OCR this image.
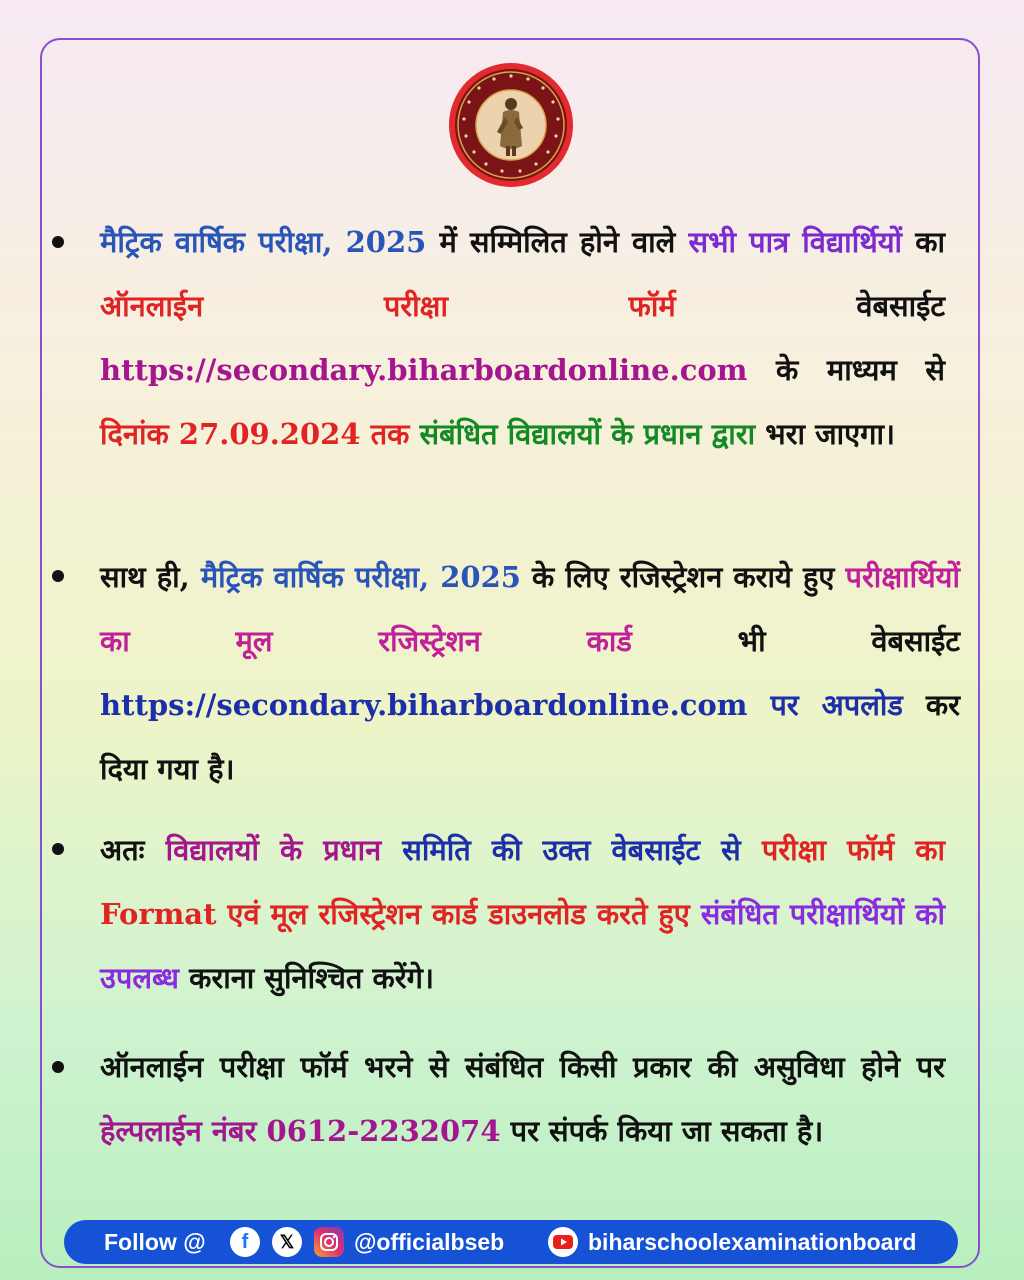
मैट्रिक वार्षिक परीक्षा, 2025 में सम्मिलित होने वाले सभी पात्र विद्यार्थियों का ऑनलाईन परीक्षा फॉर्म वेबसाईट https://secondary.biharboardonline.com के माध्यम से दिनांक 27.09.2024 तक संबंधित विद्यालयों के प्रधान द्वारा भरा जाएगा।

साथ ही, मैट्रिक वार्षिक परीक्षा, 2025 के लिए रजिस्ट्रेशन कराये हुए परीक्षार्थियों का मूल रजिस्ट्रेशन कार्ड भी वेबसाईट https://secondary.biharboardonline.com पर अपलोड कर दिया गया है।

अतः विद्यालयों के प्रधान समिति की उक्त वेबसाईट से परीक्षा फॉर्म का Format एवं मूल रजिस्ट्रेशन कार्ड डाउनलोड करते हुए संबंधित परीक्षार्थियों को उपलब्ध कराना सुनिश्चित करेंगे।

ऑनलाईन परीक्षा फॉर्म भरने से संबंधित किसी प्रकार की असुविधा होने पर हेल्पलाईन नंबर 0612-2232074 पर संपर्क किया जा सकता है।

Follow @	f	𝕏	@officialbseb	biharschoolexaminationboard
